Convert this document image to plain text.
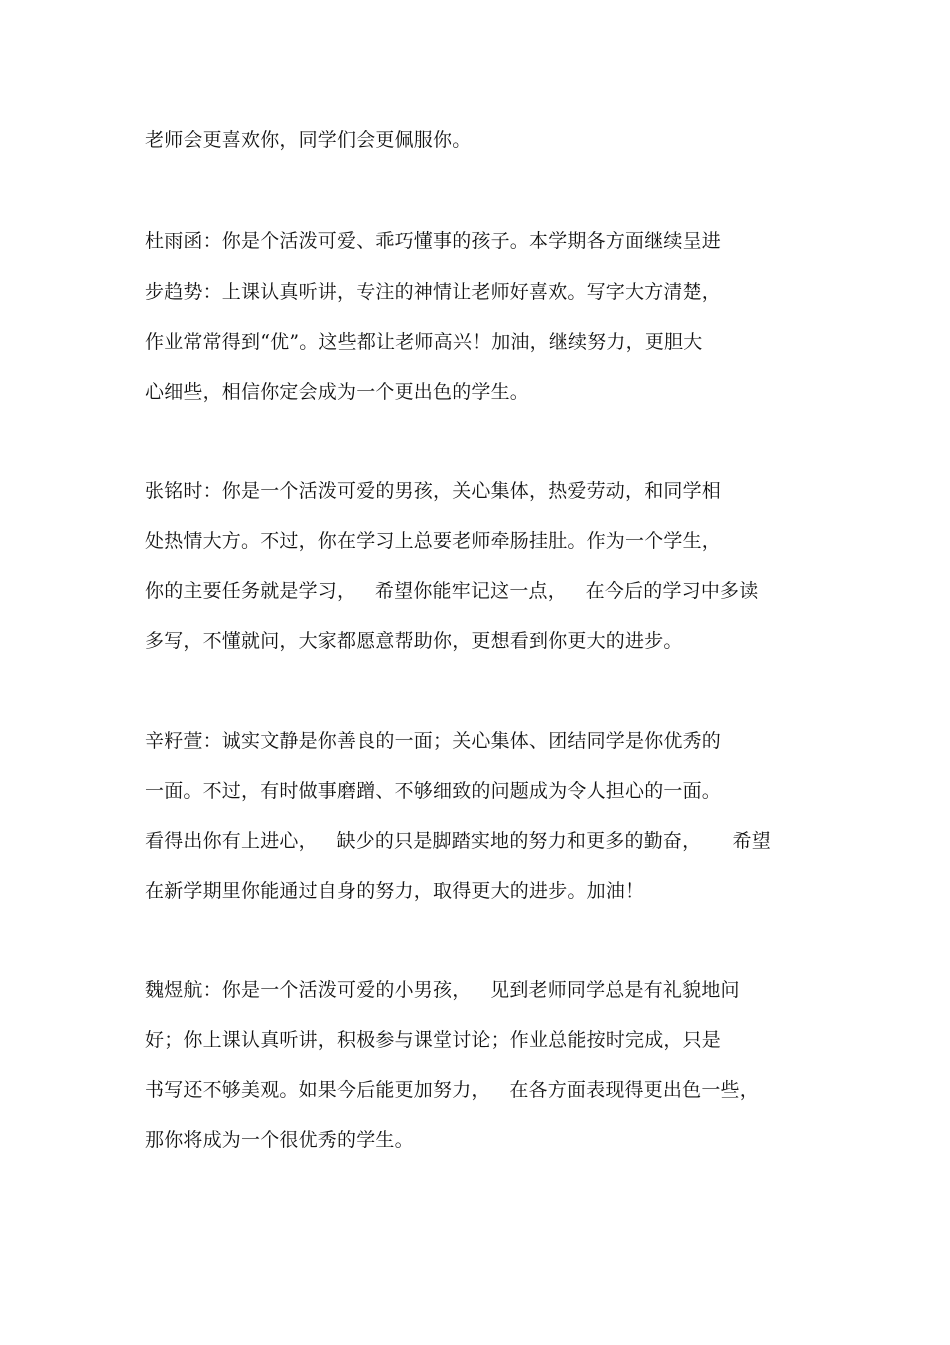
老师会更喜欢你，同学们会更佩服你。
杜雨函：你是个活泼可爱、乖巧懂事的孩子。本学期各方面继续呈进
步趋势：上课认真听讲，专注的神情让老师好喜欢。写字大方清楚，
作业常常得到“优”。这些都让老师高兴！加油，继续努力，更胆大
心细些，相信你定会成为一个更出色的学生。
张铭时：你是一个活泼可爱的男孩，关心集体，热爱劳动，和同学相
处热情大方。不过，你在学习上总要老师牵肠挂肚。作为一个学生，
你的主要任务就是学习，   希望你能牢记这一点，   在今后的学习中多读
多写，不懂就问，大家都愿意帮助你，更想看到你更大的进步。
辛籽萱：诚实文静是你善良的一面；关心集体、团结同学是你优秀的
一面。不过，有时做事磨蹭、不够细致的问题成为令人担心的一面。
看得出你有上进心，   缺少的只是脚踏实地的努力和更多的勤奋，     希望
在新学期里你能通过自身的努力，取得更大的进步。加油！
魏煜航：你是一个活泼可爱的小男孩，   见到老师同学总是有礼貌地问
好；你上课认真听讲，积极参与课堂讨论；作业总能按时完成，只是
书写还不够美观。如果今后能更加努力，   在各方面表现得更出色一些，
那你将成为一个很优秀的学生。
